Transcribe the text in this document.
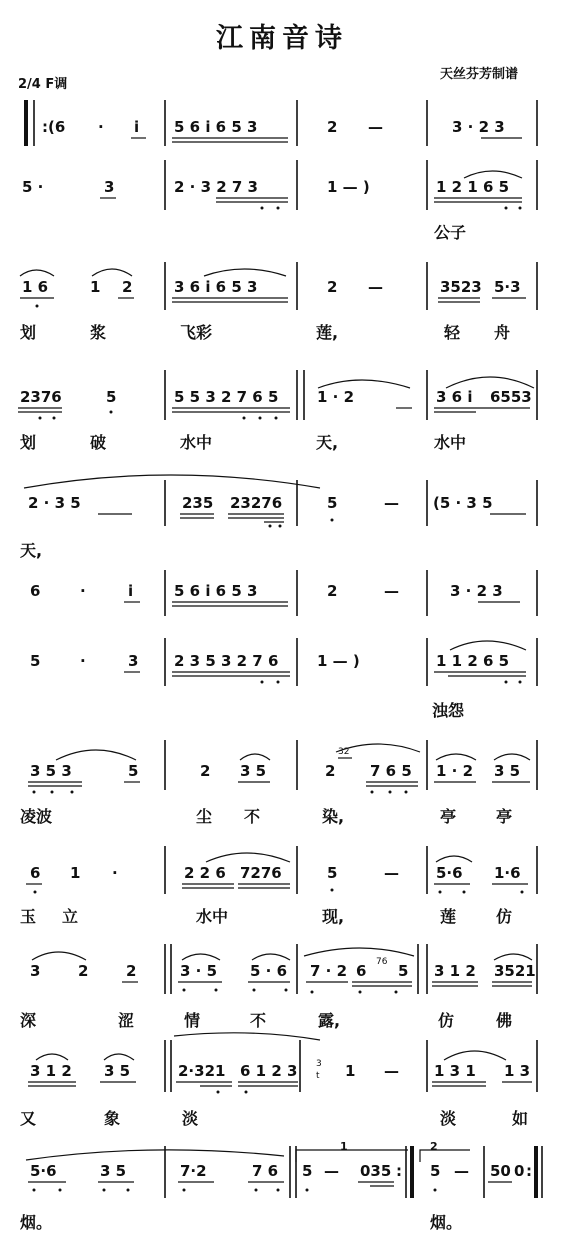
江南音诗
2/4 F调
天丝芬芳制谱
:(6 · i 5 6 i 6 5 3	2 —	3 · 2 3
5 ·	3	2 · 3 2 7 3	1 — )	1 2 1 6 5
公子
1 6	1 2	3 6 i 6 5 3	2 —	3523 5·3
划	浆	飞彩	莲,	轻 舟
2376	5	5 5 3 2 7 6 5	1 · 2	3 6 i 6553
划	破	水中	天,	水中
2 · 3 5	235 23276	5	— (5 · 3 5
天,
6	·	i	5 6 i 6 5 3	2	—	3 · 2 3
5	·	3 2 3 5 3 2 7 6	1 — )	1 1 2 6 5
浊怨
3 5 3	5	2 3 5	2
32
7 6 5 1 · 2 3 5
凌波	尘 不	染,	亭 亭
6 1 ·	2 2 6 7276	5	— 5·6 1·6
玉 立	水中	现,	莲 仿
3	2	2	3 · 5 5 · 6 7 · 2 6 76 5 3 1 2 3521
深	涩	情	不	露,	仿	佛
3 1 2 3 5	2·321 6 1 2 3 3
t 1 — 1 3 1 1 3
又	象	淡	淡	如
5·6	3 5	7·2	7 6
1
5 — 035 :
2
5 — 50 0 :
烟。	烟。
